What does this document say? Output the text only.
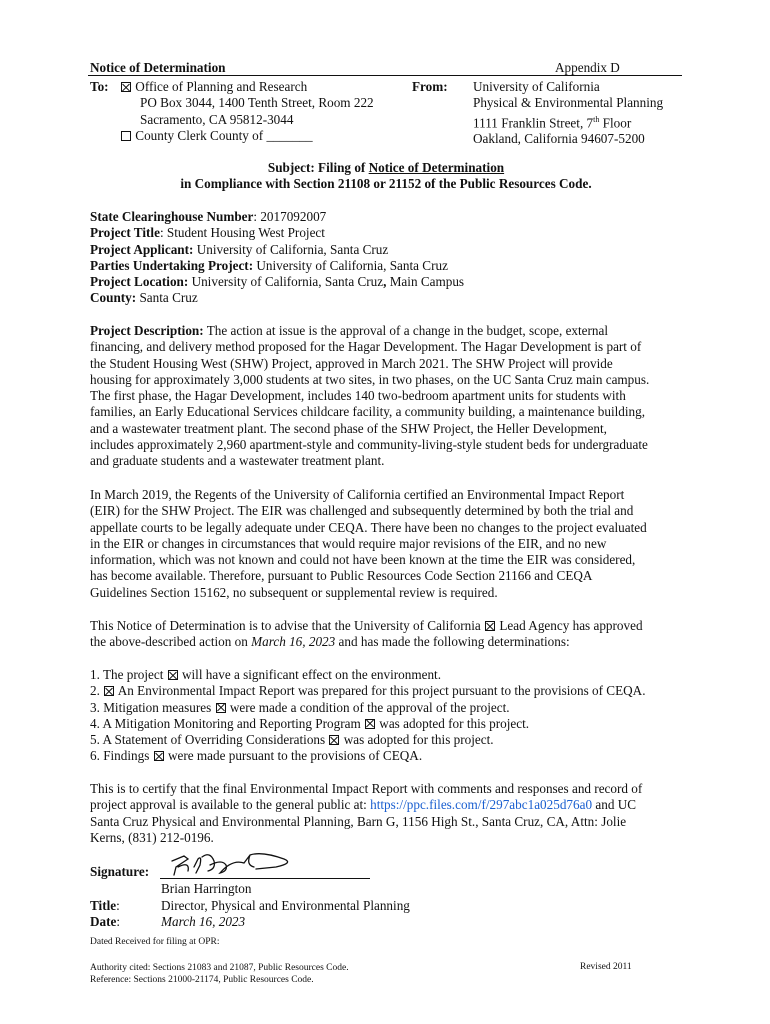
Notice of Determination	Appendix D
To:	Office of Planning and Research
PO Box 3044, 1400 Tenth Street, Room 222
Sacramento, CA 95812-3044
County Clerk County of _______
From: University of California
Physical & Environmental Planning
1111 Franklin Street, 7th Floor
Oakland, California 94607-5200
Subject: Filing of Notice of Determination
in Compliance with Section 21108 or 21152 of the Public Resources Code.
State Clearinghouse Number: 2017092007
Project Title: Student Housing West Project
Project Applicant: University of California, Santa Cruz
Parties Undertaking Project: University of California, Santa Cruz
Project Location: University of California, Santa Cruz, Main Campus
County: Santa Cruz
Project Description: The action at issue is the approval of a change in the budget, scope, external
financing, and delivery method proposed for the Hagar Development. The Hagar Development is part of
the Student Housing West (SHW) Project, approved in March 2021. The SHW Project will provide
housing for approximately 3,000 students at two sites, in two phases, on the UC Santa Cruz main campus.
The first phase, the Hagar Development, includes 140 two-bedroom apartment units for students with
families, an Early Educational Services childcare facility, a community building, a maintenance building,
and a wastewater treatment plant. The second phase of the SHW Project, the Heller Development,
includes approximately 2,960 apartment-style and community-living-style student beds for undergraduate
and graduate students and a wastewater treatment plant.
In March 2019, the Regents of the University of California certified an Environmental Impact Report
(EIR) for the SHW Project. The EIR was challenged and subsequently determined by both the trial and
appellate courts to be legally adequate under CEQA. There have been no changes to the project evaluated
in the EIR or changes in circumstances that would require major revisions of the EIR, and no new
information, which was not known and could not have been known at the time the EIR was considered,
has become available. Therefore, pursuant to Public Resources Code Section 21166 and CEQA
Guidelines Section 15162, no subsequent or supplemental review is required.
This Notice of Determination is to advise that the University of California  Lead Agency has approved
the above-described action on March 16, 2023 and has made the following determinations:
1. The project  will have a significant effect on the environment.
2.  An Environmental Impact Report was prepared for this project pursuant to the provisions of CEQA.
3. Mitigation measures  were made a condition of the approval of the project.
4. A Mitigation Monitoring and Reporting Program  was adopted for this project.
5. A Statement of Overriding Considerations  was adopted for this project.
6. Findings  were made pursuant to the provisions of CEQA.
This is to certify that the final Environmental Impact Report with comments and responses and record of
project approval is available to the general public at: https://ppc.files.com/f/297abc1a025d76a0 and UC
Santa Cruz Physical and Environmental Planning, Barn G, 1156 High St., Santa Cruz, CA, Attn: Jolie
Kerns, (831) 212-0196.
Signature:
Brian Harrington
Title:	Director, Physical and Environmental Planning
Date:	March 16, 2023
Dated Received for filing at OPR:
Authority cited: Sections 21083 and 21087, Public Resources Code.
Reference: Sections 21000-21174, Public Resources Code.
Revised 2011
